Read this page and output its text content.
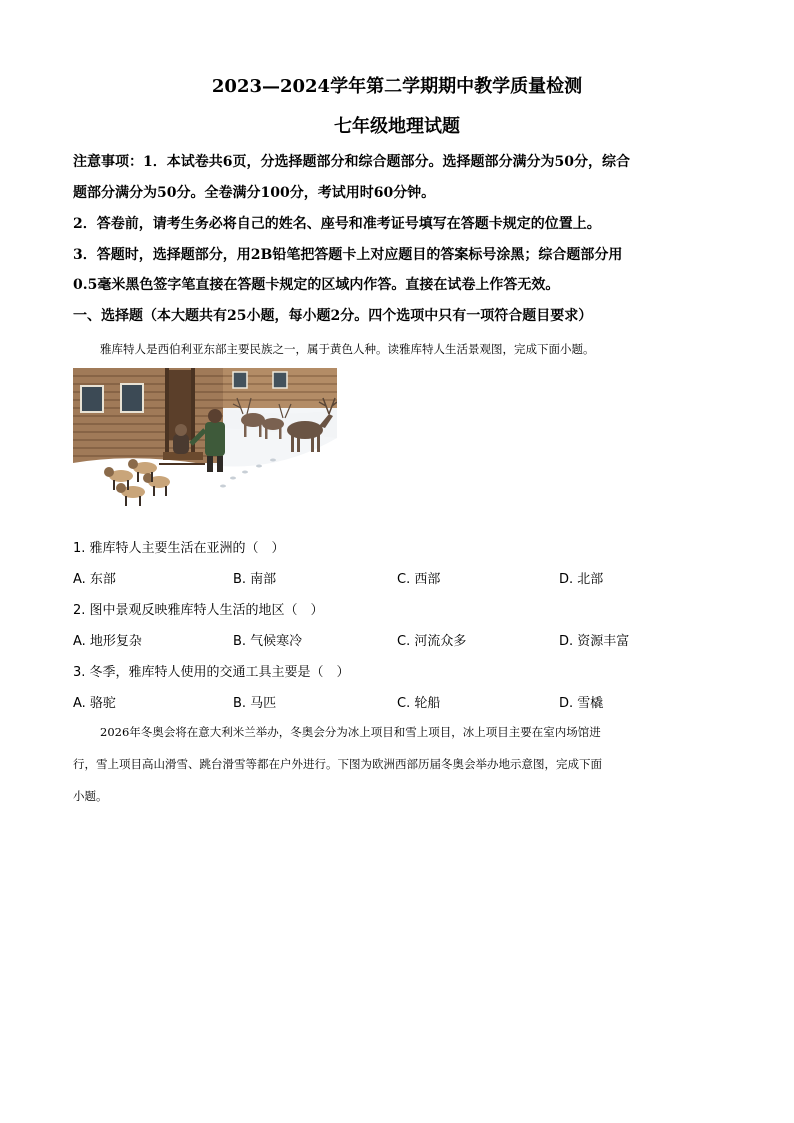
2023—2024学年第二学期期中教学质量检测
七年级地理试题
注意事项：1．本试卷共6页，分选择题部分和综合题部分。选择题部分满分为50分，综合
题部分满分为50分。全卷满分100分，考试用时60分钟。
2．答卷前，请考生务必将自己的姓名、座号和准考证号填写在答题卡规定的位置上。
3．答题时，选择题部分，用2B铅笔把答题卡上对应题目的答案标号涂黑；综合题部分用
0.5毫米黑色签字笔直接在答题卡规定的区域内作答。直接在试卷上作答无效。
一、选择题（本大题共有25小题，每小题2分。四个选项中只有一项符合题目要求）
雅库特人是西伯利亚东部主要民族之一，属于黄色人种。读雅库特人生活景观图，完成下面小题。
1. 雅库特人主要生活在亚洲的（　）
A. 东部	B. 南部	C. 西部	D. 北部
2. 图中景观反映雅库特人生活的地区（　）
A. 地形复杂	B. 气候寒冷	C. 河流众多	D. 资源丰富
3. 冬季，雅库特人使用的交通工具主要是（　）
A. 骆驼	B. 马匹	C. 轮船	D. 雪橇
2026年冬奥会将在意大利米兰举办，冬奥会分为冰上项目和雪上项目，冰上项目主要在室内场馆进
行，雪上项目高山滑雪、跳台滑雪等都在户外进行。下图为欧洲西部历届冬奥会举办地示意图，完成下面
小题。
